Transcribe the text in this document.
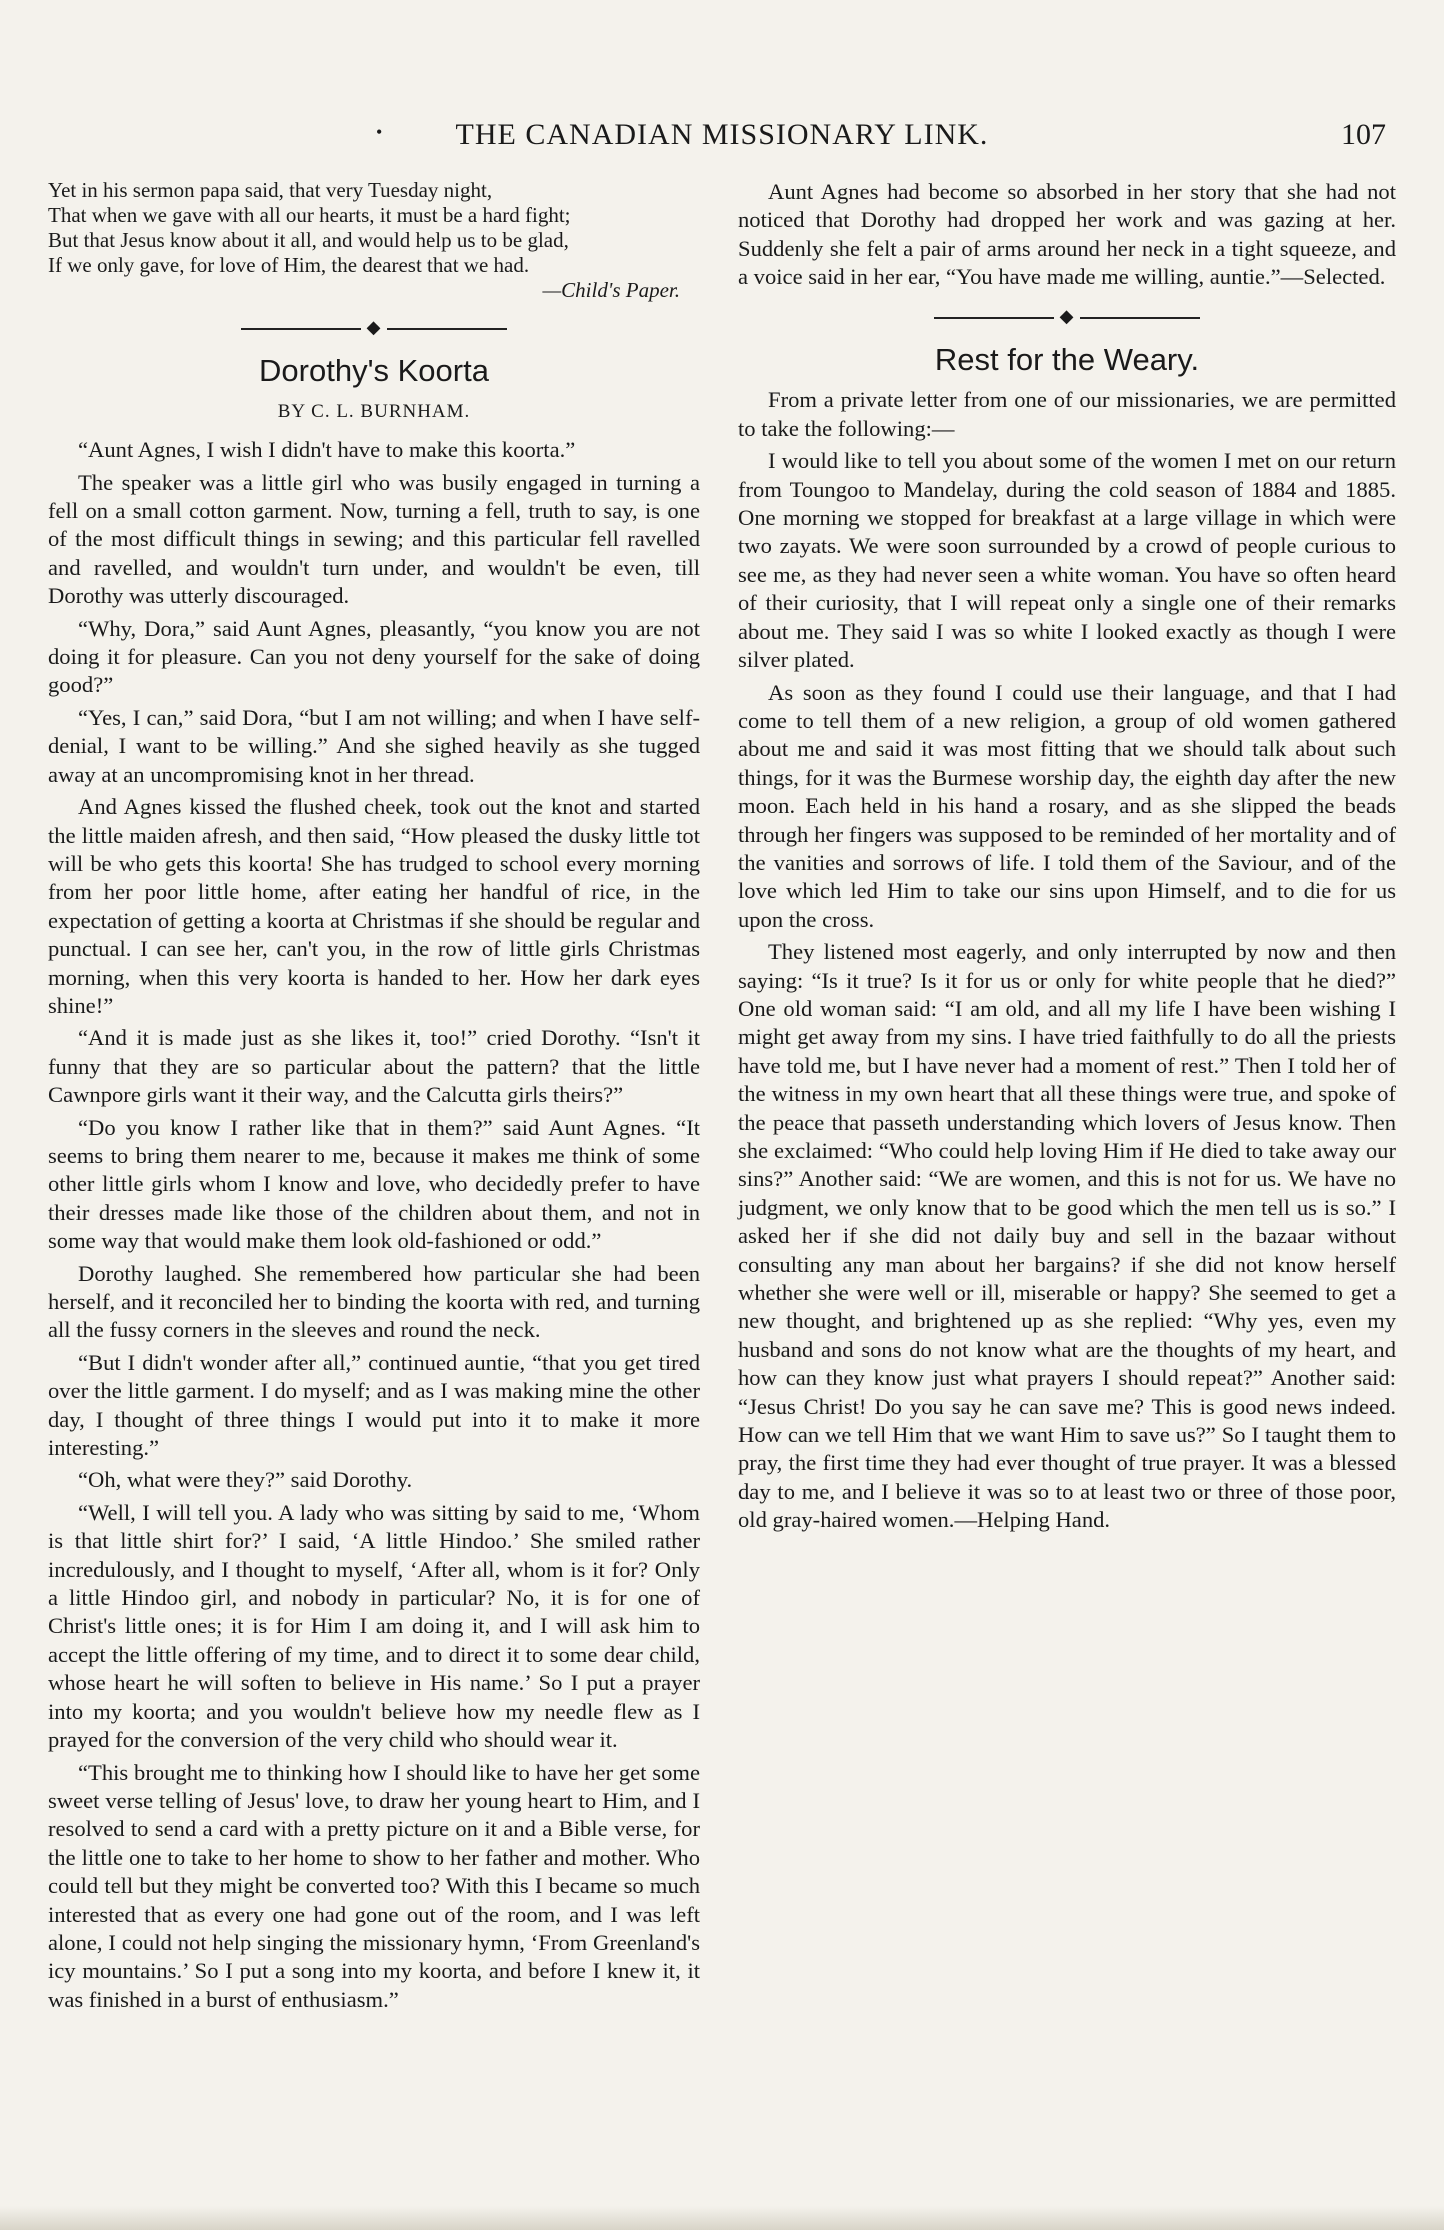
•	THE CANADIAN MISSIONARY LINK.	107
Yet in his sermon papa said, that very Tuesday night,
That when we gave with all our hearts, it must be a hard fight;
But that Jesus know about it all, and would help us to be glad,
If we only gave, for love of Him, the dearest that we had.
—Child's Paper.
◆
Dorothy's Koorta
BY C. L. BURNHAM.

“Aunt Agnes, I wish I didn't have to make this koorta.”

The speaker was a little girl who was busily engaged in turning a fell on a small cotton garment. Now, turning a fell, truth to say, is one of the most difficult things in sewing; and this particular fell ravelled and ravelled, and wouldn't turn under, and wouldn't be even, till Dorothy was utterly discouraged.

“Why, Dora,” said Aunt Agnes, pleasantly, “you know you are not doing it for pleasure. Can you not deny yourself for the sake of doing good?”

“Yes, I can,” said Dora, “but I am not willing; and when I have self-denial, I want to be willing.” And she sighed heavily as she tugged away at an uncompromising knot in her thread.

And Agnes kissed the flushed cheek, took out the knot and started the little maiden afresh, and then said, “How pleased the dusky little tot will be who gets this koorta! She has trudged to school every morning from her poor little home, after eating her handful of rice, in the expectation of getting a koorta at Christmas if she should be regular and punctual. I can see her, can't you, in the row of little girls Christmas morning, when this very koorta is handed to her. How her dark eyes shine!”

“And it is made just as she likes it, too!” cried Dorothy. “Isn't it funny that they are so particular about the pattern? that the little Cawnpore girls want it their way, and the Calcutta girls theirs?”

“Do you know I rather like that in them?” said Aunt Agnes. “It seems to bring them nearer to me, because it makes me think of some other little girls whom I know and love, who decidedly prefer to have their dresses made like those of the children about them, and not in some way that would make them look old-fashioned or odd.”

Dorothy laughed. She remembered how particular she had been herself, and it reconciled her to binding the koorta with red, and turning all the fussy corners in the sleeves and round the neck.

“But I didn't wonder after all,” continued auntie, “that you get tired over the little garment. I do myself; and as I was making mine the other day, I thought of three things I would put into it to make it more interesting.”

“Oh, what were they?” said Dorothy.

“Well, I will tell you. A lady who was sitting by said to me, ‘Whom is that little shirt for?’ I said, ‘A little Hindoo.’ She smiled rather incredulously, and I thought to myself, ‘After all, whom is it for? Only a little Hindoo girl, and nobody in particular? No, it is for one of Christ's little ones; it is for Him I am doing it, and I will ask him to accept the little offering of my time, and to direct it to some dear child, whose heart he will soften to believe in His name.’ So I put a prayer into my koorta; and you wouldn't believe how my needle flew as I prayed for the conversion of the very child who should wear it.

“This brought me to thinking how I should like to have her get some sweet verse telling of Jesus' love, to draw her young heart to Him, and I resolved to send a card with a pretty picture on it and a Bible verse, for the little one to take to her home to show to her father and mother. Who could tell but they might be converted too? With this I became so much interested that as every one had gone out of the room, and I was left alone, I could not help singing the missionary hymn, ‘From Greenland's icy mountains.’ So I put a song into my koorta, and before I knew it, it was finished in a burst of enthusiasm.”

Aunt Agnes had become so absorbed in her story that she had not noticed that Dorothy had dropped her work and was gazing at her. Suddenly she felt a pair of arms around her neck in a tight squeeze, and a voice said in her ear, “You have made me willing, auntie.”—Selected.

◆
Rest for the Weary.

From a private letter from one of our missionaries, we are permitted to take the following:—

I would like to tell you about some of the women I met on our return from Toungoo to Mandelay, during the cold season of 1884 and 1885. One morning we stopped for breakfast at a large village in which were two zayats. We were soon surrounded by a crowd of people curious to see me, as they had never seen a white woman. You have so often heard of their curiosity, that I will repeat only a single one of their remarks about me. They said I was so white I looked exactly as though I were silver plated.

As soon as they found I could use their language, and that I had come to tell them of a new religion, a group of old women gathered about me and said it was most fitting that we should talk about such things, for it was the Burmese worship day, the eighth day after the new moon. Each held in his hand a rosary, and as she slipped the beads through her fingers was supposed to be reminded of her mortality and of the vanities and sorrows of life. I told them of the Saviour, and of the love which led Him to take our sins upon Himself, and to die for us upon the cross.

They listened most eagerly, and only interrupted by now and then saying: “Is it true? Is it for us or only for white people that he died?” One old woman said: “I am old, and all my life I have been wishing I might get away from my sins. I have tried faithfully to do all the priests have told me, but I have never had a moment of rest.” Then I told her of the witness in my own heart that all these things were true, and spoke of the peace that passeth understanding which lovers of Jesus know. Then she exclaimed: “Who could help loving Him if He died to take away our sins?” Another said: “We are women, and this is not for us. We have no judgment, we only know that to be good which the men tell us is so.” I asked her if she did not daily buy and sell in the bazaar without consulting any man about her bargains? if she did not know herself whether she were well or ill, miserable or happy? She seemed to get a new thought, and brightened up as she replied: “Why yes, even my husband and sons do not know what are the thoughts of my heart, and how can they know just what prayers I should repeat?” Another said: “Jesus Christ! Do you say he can save me? This is good news indeed. How can we tell Him that we want Him to save us?” So I taught them to pray, the first time they had ever thought of true prayer. It was a blessed day to me, and I believe it was so to at least two or three of those poor, old gray-haired women.—Helping Hand.
